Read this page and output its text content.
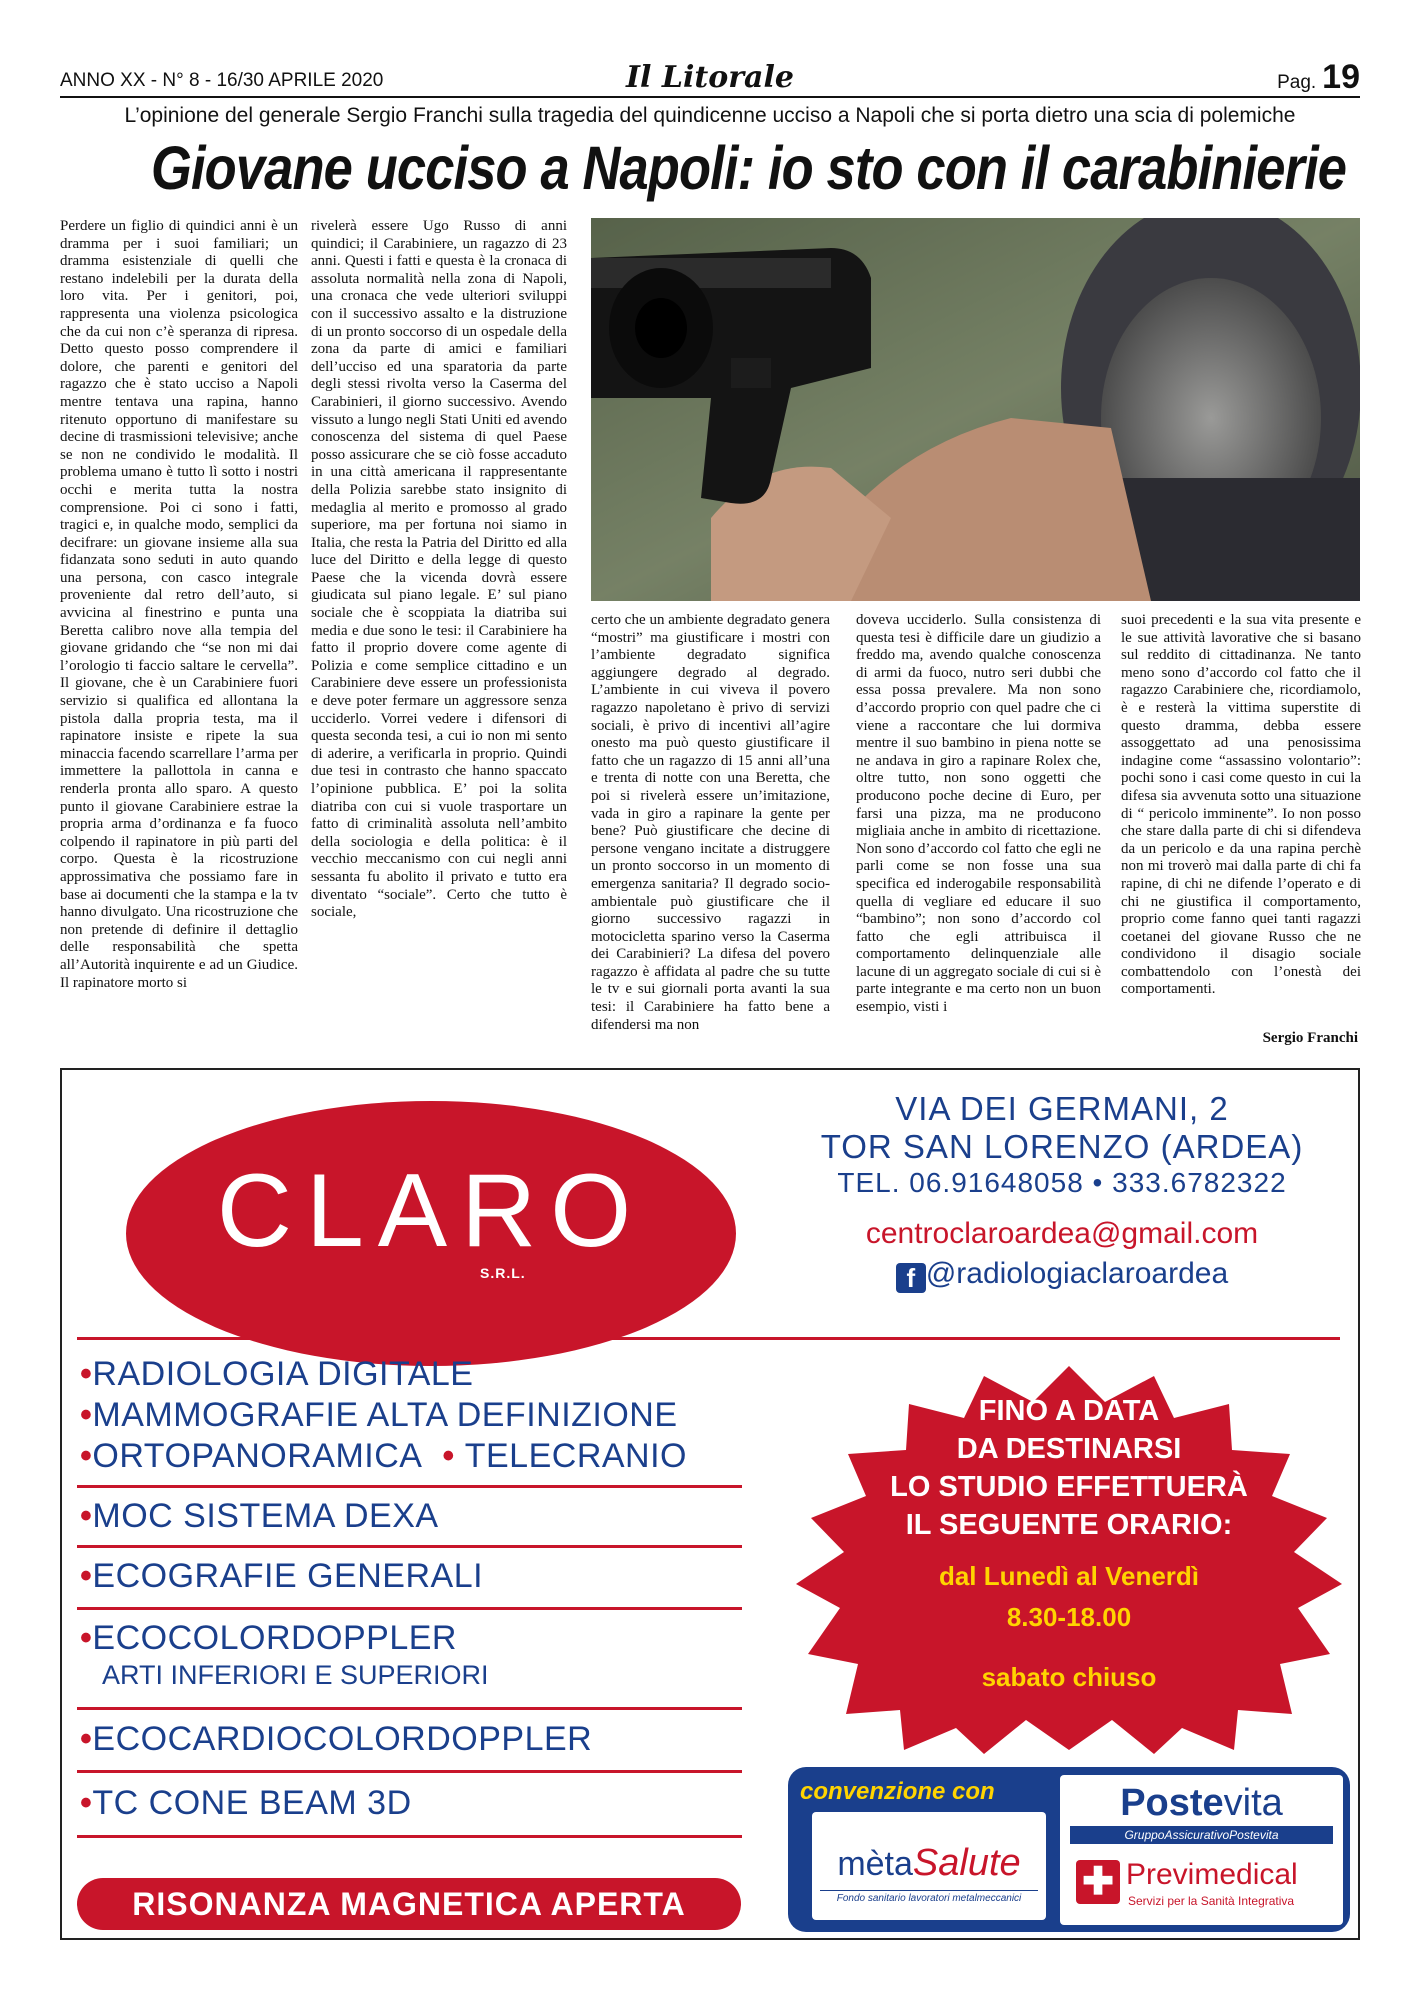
ANNO XX - N° 8 - 16/30 APRILE 2020	Il Litorale	Pag. 19
L’opinione del generale Sergio Franchi sulla tragedia del quindicenne ucciso a Napoli che si porta dietro una scia di polemiche
Giovane ucciso a Napoli: io sto con il carabinierie
Perdere un figlio di quindici anni è un dramma per i suoi familiari; un dramma esistenziale di quelli che restano indelebili per la durata della loro vita. Per i genitori, poi, rappresenta una violenza psicologica che da cui non c’è speranza di ripresa. Detto questo posso comprendere il dolore, che parenti e genitori del ragazzo che è stato ucciso a Napoli mentre tentava una rapina, hanno ritenuto opportuno di manifestare su decine di trasmissioni televisive; anche se non ne condivido le modalità. Il problema umano è tutto lì sotto i nostri occhi e merita tutta la nostra comprensione. Poi ci sono i fatti, tragici e, in qualche modo, semplici da decifrare: un giovane insieme alla sua fidanzata sono seduti in auto quando una persona, con casco integrale proveniente dal retro dell’auto, si avvicina al finestrino e punta una Beretta calibro nove alla tempia del giovane gridando che “se non mi dai l’orologio ti faccio saltare le cervella”. Il giovane, che è un Carabiniere fuori servizio si qualifica ed allontana la pistola dalla propria testa, ma il rapinatore insiste e ripete la sua minaccia facendo scarrellare l’arma per immettere la pallottola in canna e renderla pronta allo sparo. A questo punto il giovane Carabiniere estrae la propria arma d’ordinanza e fa fuoco colpendo il rapinatore in più parti del corpo. Questa è la ricostruzione approssimativa che possiamo fare in base ai documenti che la stampa e la tv hanno divulgato. Una ricostruzione che non pretende di definire il dettaglio delle responsabilità che spetta all’Autorità inquirente e ad un Giudice. Il rapinatore morto si
rivelerà essere Ugo Russo di anni quindici; il Carabiniere, un ragazzo di 23 anni. Questi i fatti e questa è la cronaca di assoluta normalità nella zona di Napoli, una cronaca che vede ulteriori sviluppi con il successivo assalto e la distruzione di un pronto soccorso di un ospedale della zona da parte di amici e familiari dell’ucciso ed una sparatoria da parte degli stessi rivolta verso la Caserma del Carabinieri, il giorno successivo. Avendo vissuto a lungo negli Stati Uniti ed avendo conoscenza del sistema di quel Paese posso assicurare che se ciò fosse accaduto in una città americana il rappresentante della Polizia sarebbe stato insignito di medaglia al merito e promosso al grado superiore, ma per fortuna noi siamo in Italia, che resta la Patria del Diritto ed alla luce del Diritto e della legge di questo Paese che la vicenda dovrà essere giudicata sul piano legale. E’ sul piano sociale che è scoppiata la diatriba sui media e due sono le tesi: il Carabiniere ha fatto il proprio dovere come agente di Polizia e come semplice cittadino e un Carabiniere deve essere un professionista e deve poter fermare un aggressore senza ucciderlo. Vorrei vedere i difensori di questa seconda tesi, a cui io non mi sento di aderire, a verificarla in proprio. Quindi due tesi in contrasto che hanno spaccato l’opinione pubblica. E’ poi la solita diatriba con cui si vuole trasportare un fatto di criminalità assoluta nell’ambito della sociologia e della politica: è il vecchio meccanismo con cui negli anni sessanta fu abolito il privato e tutto era diventato “sociale”. Certo che tutto è sociale,
certo che un ambiente degradato genera “mostri” ma giustificare i mostri con l’ambiente degradato significa aggiungere degrado al degrado. L’ambiente in cui viveva il povero ragazzo napoletano è privo di servizi sociali, è privo di incentivi all’agire onesto ma può questo giustificare il fatto che un ragazzo di 15 anni all’una e trenta di notte con una Beretta, che poi si rivelerà essere un’imitazione, vada in giro a rapinare la gente per bene? Può giustificare che decine di persone vengano incitate a distruggere un pronto soccorso in un momento di emergenza sanitaria? Il degrado socio-ambientale può giustificare che il giorno successivo ragazzi in motocicletta sparino verso la Caserma dei Carabinieri? La difesa del povero ragazzo è affidata al padre che su tutte le tv e sui giornali porta avanti la sua tesi: il Carabiniere ha fatto bene a difendersi ma non
doveva ucciderlo. Sulla consistenza di questa tesi è difficile dare un giudizio a freddo ma, avendo qualche conoscenza di armi da fuoco, nutro seri dubbi che essa possa prevalere. Ma non sono d’accordo proprio con quel padre che ci viene a raccontare che lui dormiva mentre il suo bambino in piena notte se ne andava in giro a rapinare Rolex che, oltre tutto, non sono oggetti che producono poche decine di Euro, per farsi una pizza, ma ne producono migliaia anche in ambito di ricettazione. Non sono d’accordo col fatto che egli ne parli come se non fosse una sua specifica ed inderogabile responsabilità quella di vegliare ed educare il suo “bambino”; non sono d’accordo col fatto che egli attribuisca il comportamento delinquenziale alle lacune di un aggregato sociale di cui si è parte integrante e ma certo non un buon esempio, visti i
suoi precedenti e la sua vita presente e le sue attività lavorative che si basano sul reddito di cittadinanza. Ne tanto meno sono d’accordo col fatto che il ragazzo Carabiniere che, ricordiamolo, è e resterà la vittima superstite di questo dramma, debba essere assoggettato ad una penosissima indagine come “assassino volontario”: pochi sono i casi come questo in cui la difesa sia avvenuta sotto una situazione di “ pericolo imminente”. Io non posso che stare dalla parte di chi si difendeva da un pericolo e da una rapina perchè non mi troverò mai dalla parte di chi fa rapine, di chi ne difende l’operato e di chi ne giustifica il comportamento, proprio come fanno quei tanti ragazzi coetanei del giovane Russo che ne condividono il disagio sociale combattendolo con l’onestà dei comportamenti.
Sergio Franchi
CLARO
S.R.L.
VIA DEI GERMANI, 2
TOR SAN LORENZO (ARDEA)
TEL. 06.91648058 • 333.6782322
centroclaroardea@gmail.com
f @radiologiaclaroardea
•RADIOLOGIA DIGITALE
•MAMMOGRAFIE ALTA DEFINIZIONE
•ORTOPANORAMICA • TELECRANIO
•MOC SISTEMA DEXA
•ECOGRAFIE GENERALI
•ECOCOLORDOPPLER
ARTI INFERIORI E SUPERIORI
•ECOCARDIOCOLORDOPPLER
•TC CONE BEAM 3D
RISONANZA MAGNETICA APERTA
FINO A DATA
DA DESTINARSI
LO STUDIO EFFETTUERÀ
IL SEGUENTE ORARIO:
dal Lunedì al Venerdì
8.30-18.00
sabato chiuso
convenzione con
mètaSalute
Fondo sanitario lavoratori metalmeccanici
Postevita
GruppoAssicurativoPostevita
✚ Previmedical
Servizi per la Sanità Integrativa
